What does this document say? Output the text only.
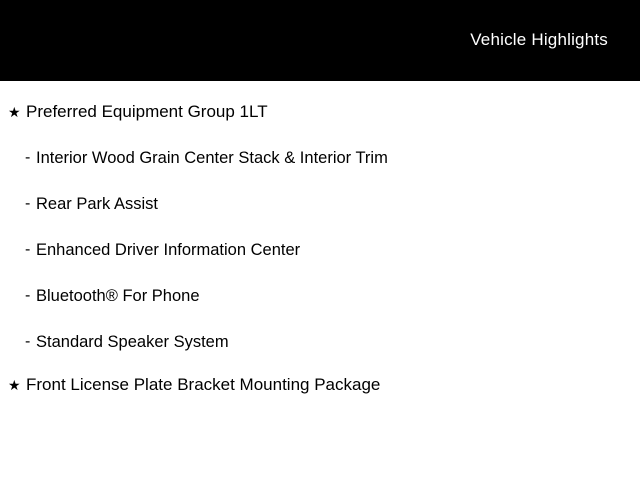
Vehicle Highlights
★ Preferred Equipment Group 1LT
- Interior Wood Grain Center Stack & Interior Trim
- Rear Park Assist
- Enhanced Driver Information Center
- Bluetooth® For Phone
- Standard Speaker System
★ Front License Plate Bracket Mounting Package
